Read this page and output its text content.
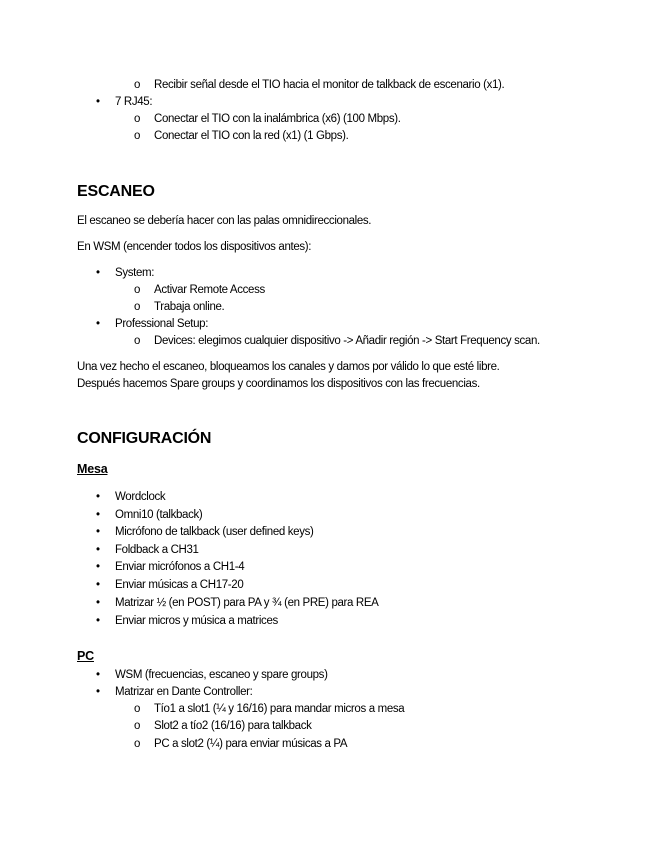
o Recibir señal desde el TIO hacia el monitor de talkback de escenario (x1).
• 7 RJ45:
o Conectar el TIO con la inalámbrica (x6) (100 Mbps).
o Conectar el TIO con la red (x1) (1 Gbps).
ESCANEO
El escaneo se debería hacer con las palas omnidireccionales.
En WSM (encender todos los dispositivos antes):
• System:
o Activar Remote Access
o Trabaja online.
• Professional Setup:
o Devices: elegimos cualquier dispositivo -> Añadir región -> Start Frequency scan.
Una vez hecho el escaneo, bloqueamos los canales y damos por válido lo que esté libre.
Después hacemos Spare groups y coordinamos los dispositivos con las frecuencias.
CONFIGURACIÓN
Mesa
• Wordclock
• Omni10 (talkback)
• Micrófono de talkback (user defined keys)
• Foldback a CH31
• Enviar micrófonos a CH1-4
• Enviar músicas a CH17-20
• Matrizar ½ (en POST) para PA y ¾ (en PRE) para REA
• Enviar micros y música a matrices
PC
• WSM (frecuencias, escaneo y spare groups)
• Matrizar en Dante Controller:
o Tío1 a slot1 (¼ y 16/16) para mandar micros a mesa
o Slot2 a tío2 (16/16) para talkback
o PC a slot2 (¼) para enviar músicas a PA
